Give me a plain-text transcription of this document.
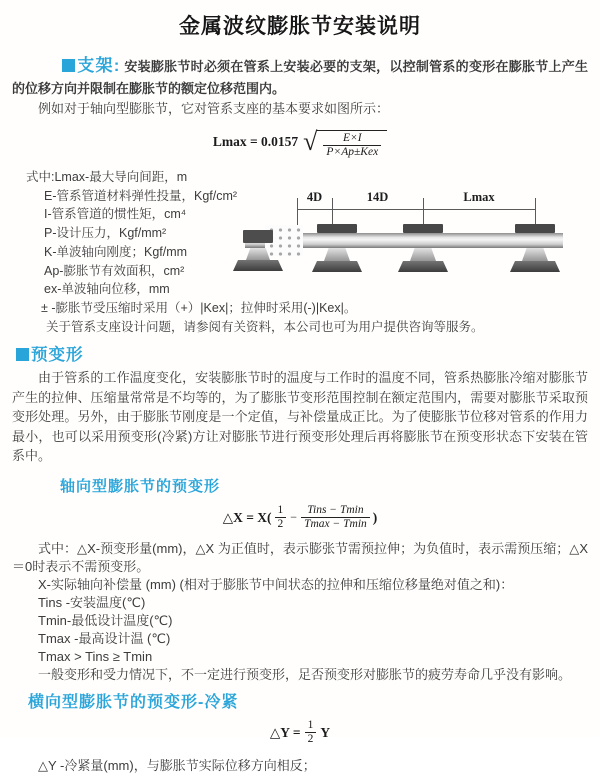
金属波纹膨胀节安装说明

支架: 安装膨胀节时必须在管系上安装必要的支架，以控制管系的变形在膨胀节上产生的位移方向并限制在膨胀节的额定位移范围内。

例如对于轴向型膨胀节，它对管系支座的基本要求如图所示：

Lmax = 0.0157 √ $\frac{E\times I}{\text{P×Ap±Kex}}$

式中:Lmax-最大导向间距，m

E-管系管道材料弹性投量，Kgf/cm²

I-管系管道的惯性矩，cm⁴

P-设计压力，Kgf/mm²

K-单波轴向刚度；Kgf/mm

Ap-膨胀节有效面积，cm²

ex-单波轴向位移，mm

± -膨胀节受压缩时采用（+）|Kex|；拉伸时采用(-)|Kex|。

关于管系支座设计问题，请参阅有关资料，本公司也可为用户提供咨询等服务。

4D	14D	Lmax
预变形

由于管系的工作温度变化，安装膨胀节时的温度与工作时的温度不同，管系热膨胀冷缩对膨胀节产生的拉伸、压缩量常常是不均等的，为了膨胀节变形范围控制在额定范围内，需要对膨胀节采取预变形处理。另外，由于膨胀节刚度是一个定值，与补偿量成正比。为了使膨胀节位移对管系的作用力最小，也可以采用预变形(冷紧)方让对膨胀节进行预变形处理后再将膨胀节在预变形状态下安装在管系中。

轴向型膨胀节的预变形
△X = $X( \frac{1}{2} - \frac{\text{Tins − Tmin}}{Tmax - Tmin}$ )

式中：△X-预变形量(mm)，△X 为正值时，表示膨张节需预拉伸；为负值时，表示需预压缩；△X＝0时表示不需预变形。

X-实际轴向补偿量 (mm) (相对于膨胀节中间状态的拉伸和压缩位移量绝对值之和)：

Tins -安装温度(℃)

Tmin-最低设计温度(℃)

Tmax -最高设计温 (℃)

Tmax > Tins ≥ Tmin

一般变形和受力情况下，不一定进行预变形，足否预变形对膨胀节的疲劳寿命几乎没有影响。

横向型膨胀节的预变形-冷紧
△Y = $\frac{1}{2}$ Y

△Y -冷紧量(mm)，与膨胀节实际位移方向相反；
